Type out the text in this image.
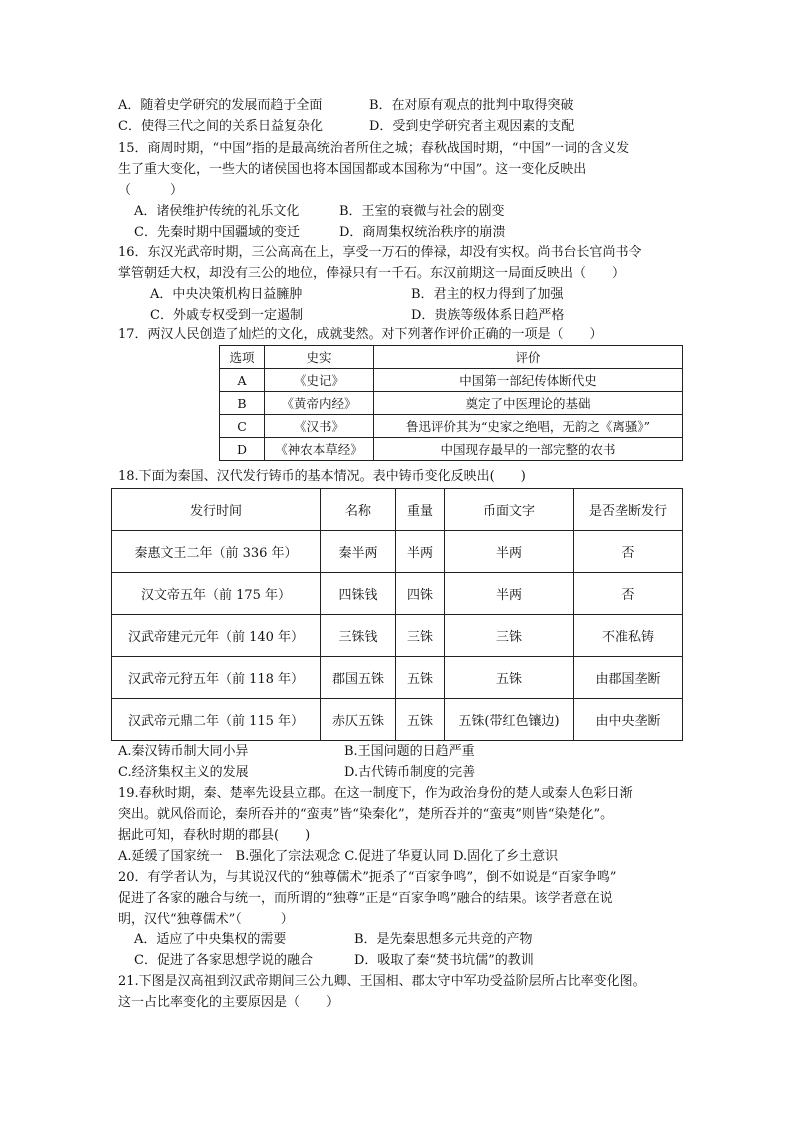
A．随着史学研究的发展而趋于全面	B．在对原有观点的批判中取得突破
C．使得三代之间的关系日益复杂化	D．受到史学研究者主观因素的支配
15．商周时期，“中国”指的是最高统治者所住之城；春秋战国时期，“中国”一词的含义发
生了重大变化，一些大的诸侯国也将本国国都或本国称为“中国”。这一变化反映出
（　　　）
A．诸侯维护传统的礼乐文化	B．王室的衰微与社会的剧变
C．先秦时期中国疆域的变迁	D．商周集权统治秩序的崩溃
16．东汉光武帝时期，三公高高在上，享受一万石的俸禄，却没有实权。尚书台长官尚书令
掌管朝廷大权，却没有三公的地位，俸禄只有一千石。东汉前期这一局面反映出（　　）
A．中央决策机构日益臃肿	B．君主的权力得到了加强
C．外戚专权受到一定遏制	D．贵族等级体系日趋严格
17．两汉人民创造了灿烂的文化，成就斐然。对下列著作评价正确的一项是（　　）
选项	史实	评价
A	《史记》	中国第一部纪传体断代史
B	《黄帝内经》	奠定了中医理论的基础
C	《汉书》	鲁迅评价其为“史家之绝唱，无韵之《离骚》”
D	《神农本草经》	中国现存最早的一部完整的农书
18.下面为秦国、汉代发行铸币的基本情况。表中铸币变化反映出(　　)
发行时间	名称	重量	币面文字	是否垄断发行
秦惠文王二年（前 336 年）	秦半两	半两	半两	否
汉文帝五年（前 175 年）	四铢钱	四铢	半两	否
汉武帝建元元年（前 140 年）	三铢钱	三铢	三铢	不准私铸
汉武帝元狩五年（前 118 年）	郡国五铢	五铢	五铢	由郡国垄断
汉武帝元鼎二年（前 115 年）	赤仄五铢	五铢	五铢(带红色镶边)	由中央垄断
A.秦汉铸币制大同小异	B.王国问题的日趋严重
C.经济集权主义的发展	D.古代铸币制度的完善
19.春秋时期，秦、楚率先设县立郡。在这一制度下，作为政治身份的楚人或秦人色彩日渐
突出。就风俗而论，秦所吞并的“蛮夷”皆“染秦化”，楚所吞并的“蛮夷”则皆“染楚化”。
据此可知，春秋时期的郡县(　　)
A.延缓了国家统一　B.强化了宗法观念 C.促进了华夏认同 D.固化了乡土意识
20．有学者认为，与其说汉代的“独尊儒术”扼杀了“百家争鸣”，倒不如说是“百家争鸣”
促进了各家的融合与统一，而所谓的“独尊”正是“百家争鸣”融合的结果。该学者意在说
明，汉代“独尊儒术”（　　　）
A．适应了中央集权的需要	B．是先秦思想多元共竞的产物
C．促进了各家思想学说的融合	D．吸取了秦“焚书坑儒”的教训
21.下图是汉高祖到汉武帝期间三公九卿、王国相、郡太守中军功受益阶层所占比率变化图。
这一占比率变化的主要原因是（　　）
